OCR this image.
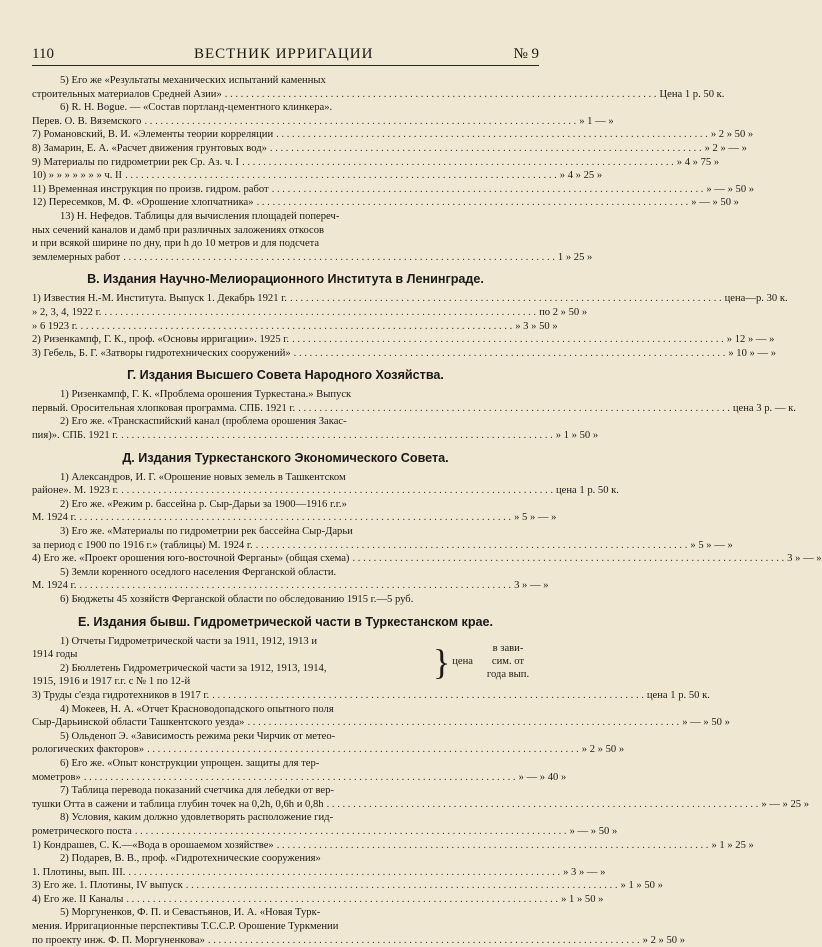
110	ВЕСТНИК ИРРИГАЦИИ	№ 9
5) Его же «Результаты механических испытаний каменных
строительных материалов Средней Азии» . . .	Цена 1 р. 50 к.
6) R. H. Bogue. — «Состав портланд-цементного клинкера».
Перев. О. В. Вяземского . . .	» 1 — »
7) Романовский, В. И. «Элементы теории корреляции . . .	» 2 » 50 »
8) Замарин, Е. А. «Расчет движения грунтовых вод» . . .	» 2 » — »
9) Материалы по гидрометрии рек Ср. Аз. ч. I . . .	» 4 » 75 »
10) » » » » » » » ч. II . . .	» 4 » 25 »
11) Временная инструкция по произв. гидром. работ . . .	» — » 50 »
12) Пересемков, М. Ф. «Орошение хлопчатника» . . .	» — » 50 »
13) Н. Нефедов. Таблицы для вычисления площадей попереч-
ных сечений каналов и дамб при различных заложениях откосов
и при всякой ширине по дну, при h до 10 метров и для подсчета
землемерных работ . . .	1 » 25 »
В. Издания Научно-Мелиорационного Института в Ленинграде.
1) Известия Н.-М. Института. Выпуск 1. Декабрь 1921 г. . . .	цена—р. 30 к.
» 2, 3, 4, 1922 г. . . .	по 2 » 50 »
» 6 1923 г. . . .	» 3 » 50 »
2) Ризенкампф, Г. К., проф. «Основы ирригации». 1925 г. . . .	» 12 » — »
3) Гебель, Б. Г. «Затворы гидротехнических сооружений» . . .	» 10 » — »
Г. Издания Высшего Совета Народного Хозяйства.
1) Ризенкампф, Г. К. «Проблема орошения Туркестана.» Выпуск
первый. Оросительная хлопковая программа. СПБ. 1921 г. . . .	цена 3 р. — к.
2) Его же. «Транскаспийский канал (проблема орошения Закас-
пия)». СПБ. 1921 г. . . .	» 1 » 50 »
Д. Издания Туркестанского Экономического Совета.
1) Александров, И. Г. «Орошение новых земель в Ташкентском
районе». М. 1923 г. . . .	цена 1 р. 50 к.
2) Его же. «Режим р. бассейна р. Сыр-Дарьи за 1900—1916 г.г.»
М. 1924 г. . . .	» 5 » — »
3) Его же. «Материалы по гидрометрии рек бассейна Сыр-Дарьи
за период с 1900 по 1916 г.» (таблицы) М. 1924 г. . . .	» 5 » — »
4) Его же. «Проект орошения юго-восточной Ферганы» (общая схема) . . .	3 » — »
5) Земли коренного оседлого населения Ферганской области.
М. 1924 г. . . .	3 » — »
6) Бюджеты 45 хозяйств Ферганской области по обследованию 1915 г.—5 руб.
Е. Издания бывш. Гидрометрической части в Туркестанском крае.
1) Отчеты Гидрометрической части за 1911, 1912, 1913 и
1914 годы
2) Бюллетень Гидрометрической части за 1912, 1913, 1914,
1915, 1916 и 1917 г.г. с № 1 по 12-й
} цена
в зави-
сим. от
года вып.
3) Труды с'езда гидротехников в 1917 г. . . .	цена 1 р. 50 к.
4) Мокеев, Н. А. «Отчет Красноводопадского опытного поля
Сыр-Дарьинской области Ташкентского уезда» . . .	» — » 50 »
5) Ольденоп Э. «Зависимость режима реки Чирчик от метео-
рологических факторов» . . .	» 2 » 50 »
6) Его же. «Опыт конструкции упрощен. защиты для тер-
мометров» . . .	» — » 40 »
7) Таблица перевода показаний счетчика для лебедки от вер-
тушки Отта в сажени и таблица глубин точек на 0,2h, 0,6h и 0,8h . . .	» — » 25 »
8) Условия, каким должно удовлетворять расположение гид-
рометрического поста . . .	» — » 50 »
1) Кондрашев, С. К.—«Вода в орошаемом хозяйстве» . . .	» 1 » 25 »
2) Подарев, В. В., проф. «Гидротехнические сооружения»
1. Плотины, вып. III. . . .	» 3 » — »
3) Его же. 1. Плотины, IV выпуск . . .	» 1 » 50 »
4) Его же. II Каналы . . .	» 1 » 50 »
5) Моргуненков, Ф. П. и Севастьянов, И. А. «Новая Турк-
мения. Ирригационные перспективы Т.С.С.Р. Орошение Туркмении
по проекту инж. Ф. П. Моргуненкова» . . .	» 2 » 50 »
